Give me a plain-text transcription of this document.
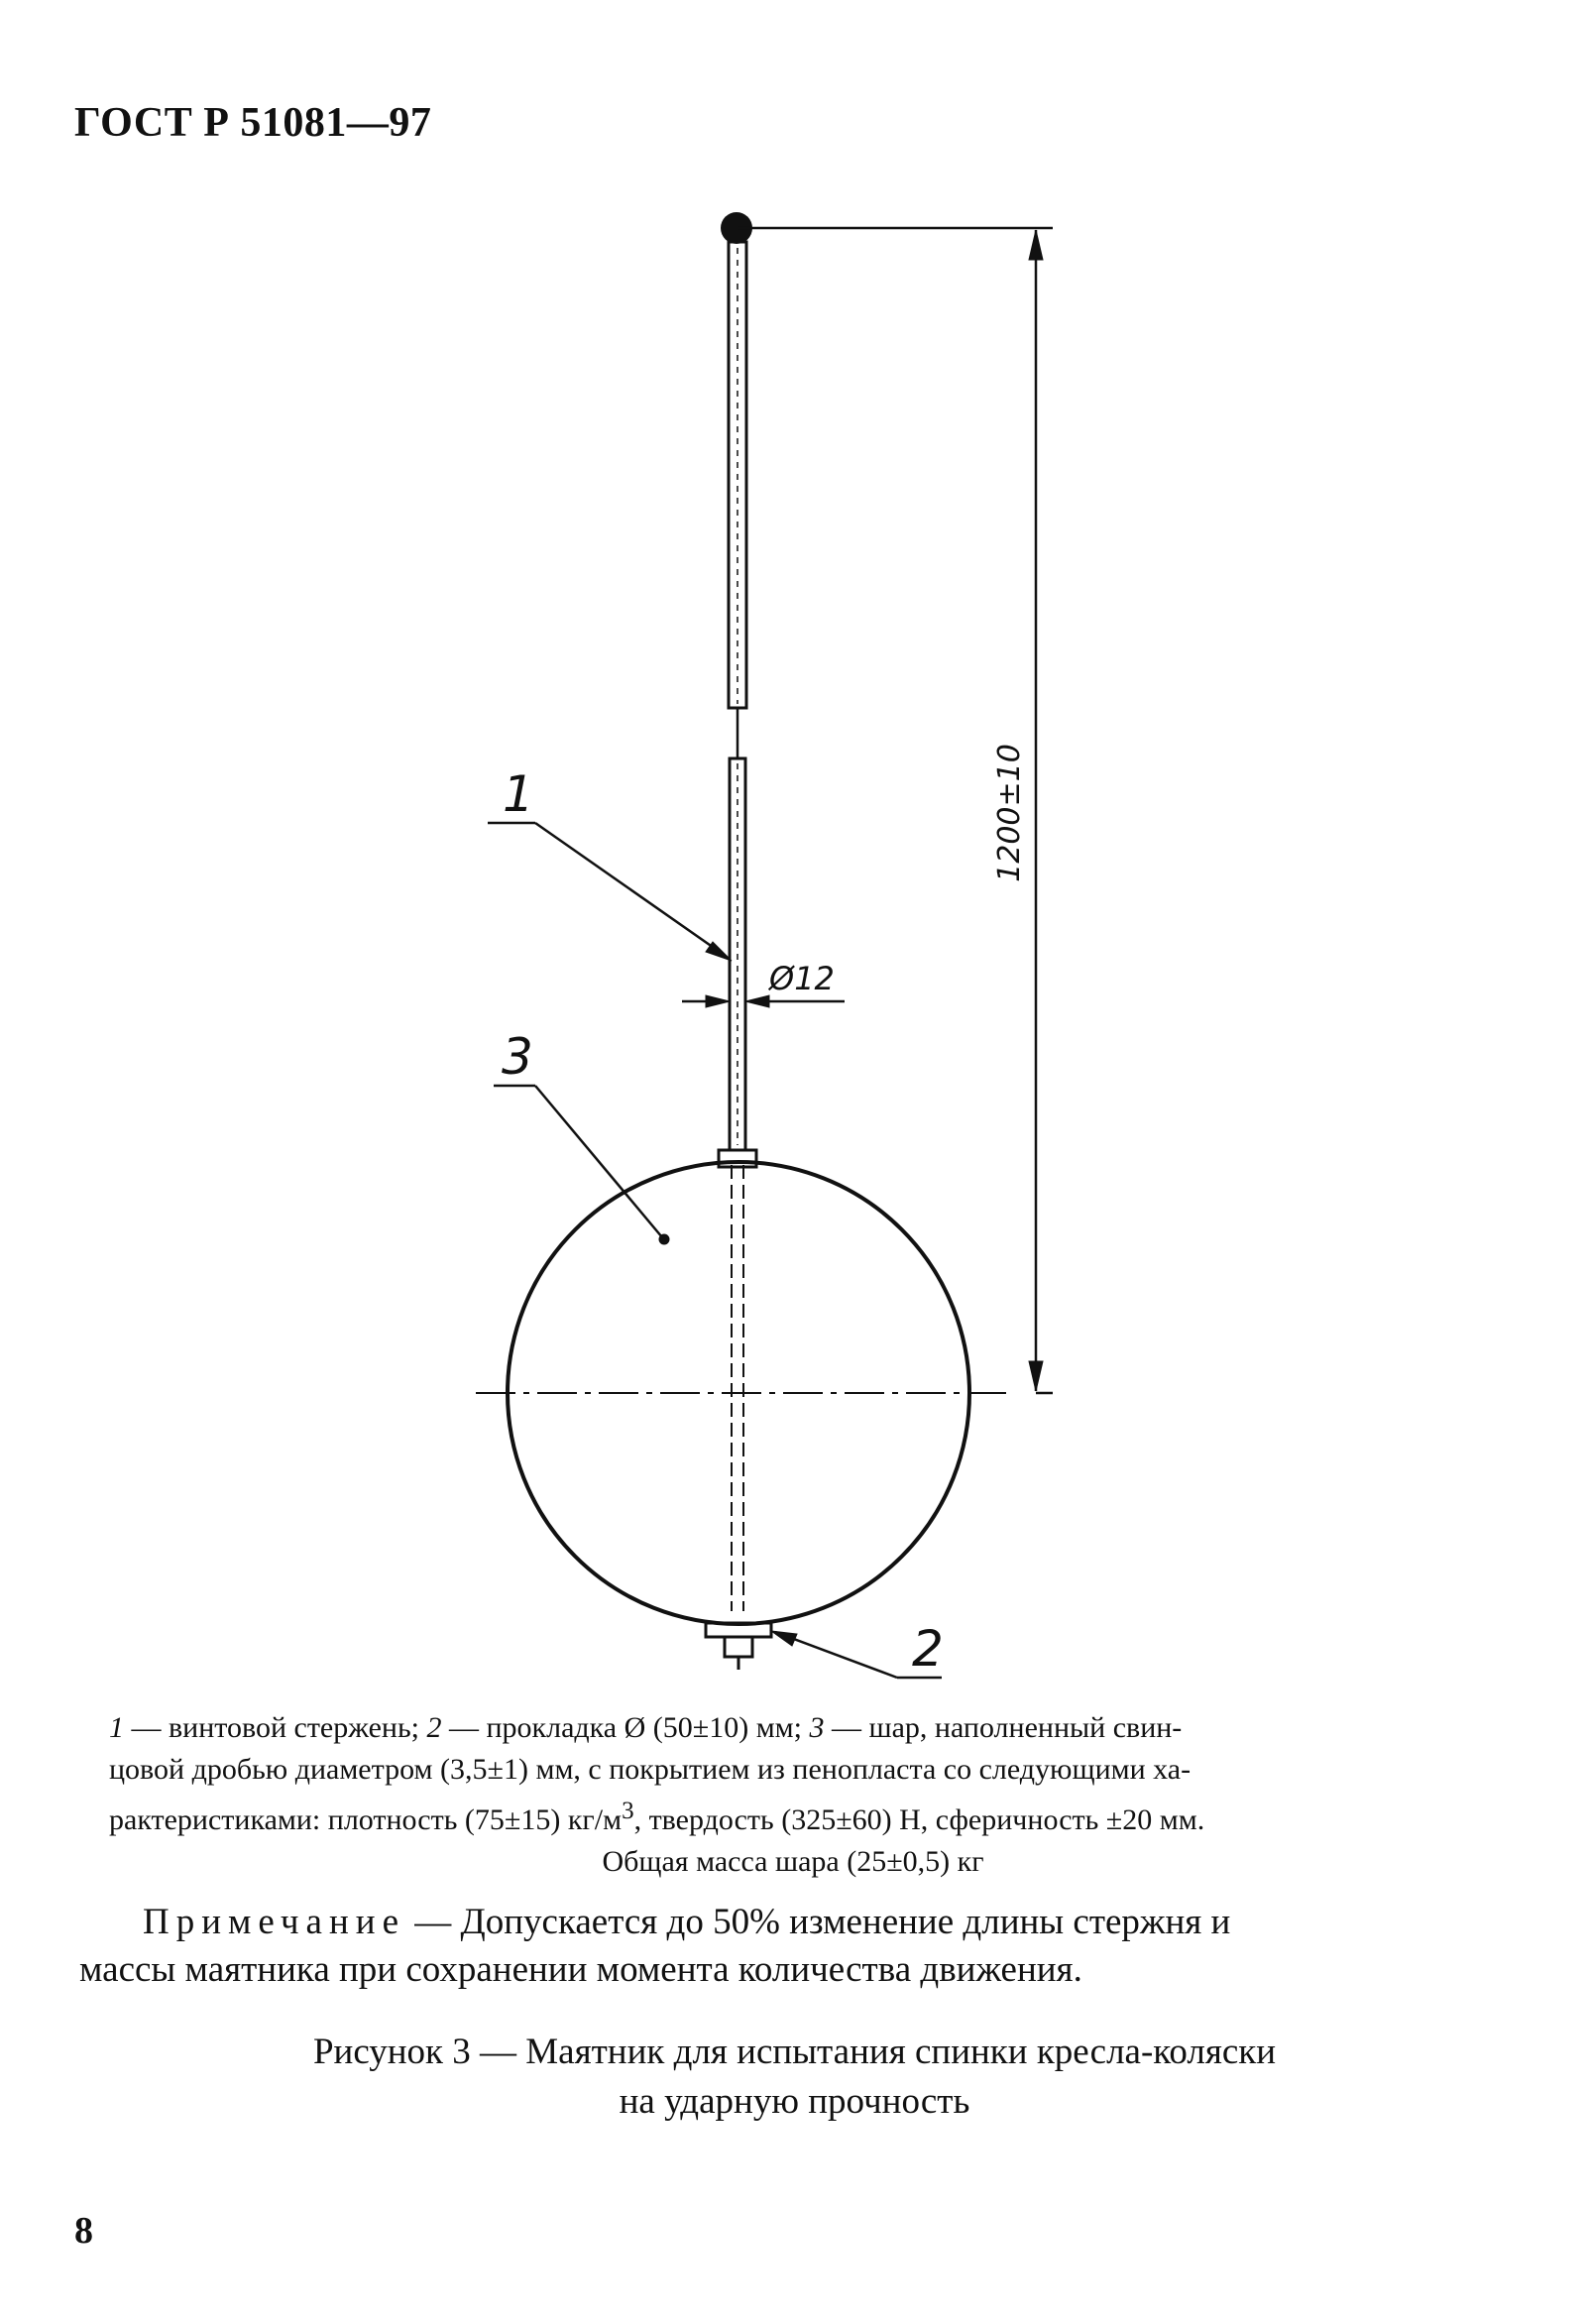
ГОСТ Р 51081—97
1200±10
Ø12
1
3
2
1 — винтовой стержень; 2 — прокладка Ø (50±10) мм; 3 — шар, наполненный свин-
цовой дробью диаметром (3,5±1) мм, с покрытием из пенопласта со следующими ха-
рактеристиками: плотность (75±15) $кг/м^3$, твердость (325±60) Н, сферичность ±20 мм.
Общая масса шара (25±0,5) кг
Примечание — Допускается до 50% изменение длины стержня и
массы маятника при сохранении момента количества движения.
Рисунок 3 — Маятник для испытания спинки кресла-коляски
на ударную прочность
8
